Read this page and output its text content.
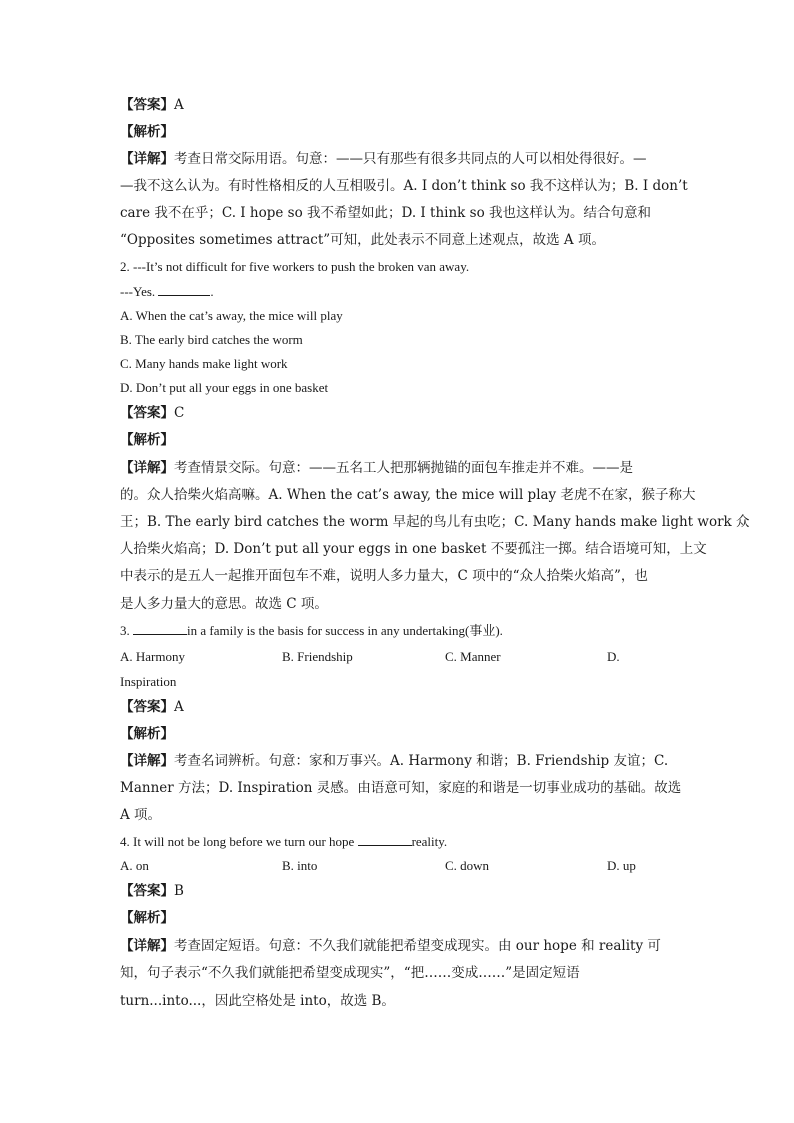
【答案】A
【解析】
【详解】考查日常交际用语。句意：——只有那些有很多共同点的人可以相处得很好。—
—我不这么认为。有时性格相反的人互相吸引。A. I don’t think so 我不这样认为；B. I don’t
care 我不在乎；C. I hope so 我不希望如此；D. I think so 我也这样认为。结合句意和
“Opposites sometimes attract”可知，此处表示不同意上述观点，故选 A 项。
2. ---It’s not difficult for five workers to push the broken van away.
---Yes.	.
A. When the cat’s away, the mice will play
B. The early bird catches the worm
C. Many hands make light work
D. Don’t put all your eggs in one basket
【答案】C
【解析】
【详解】考查情景交际。句意：——五名工人把那辆抛锚的面包车推走并不难。——是
的。众人拾柴火焰高嘛。A. When the cat’s away, the mice will play 老虎不在家，猴子称大
王；B. The early bird catches the worm 早起的鸟儿有虫吃；C. Many hands make light work 众
人拾柴火焰高；D. Don’t put all your eggs in one basket 不要孤注一掷。结合语境可知，上文
中表示的是五人一起推开面包车不难，说明人多力量大，C 项中的“众人拾柴火焰高”，也
是人多力量大的意思。故选 C 项。
3.	in a family is the basis for success in any undertaking(事业).
A. Harmony	B. Friendship	C. Manner	D.
Inspiration
【答案】A
【解析】
【详解】考查名词辨析。句意：家和万事兴。A. Harmony 和谐；B. Friendship 友谊；C.
Manner 方法；D. Inspiration 灵感。由语意可知，家庭的和谐是一切事业成功的基础。故选
A 项。
4. It will not be long before we turn our hope	reality.
A. on	B. into	C. down	D. up
【答案】B
【解析】
【详解】考查固定短语。句意：不久我们就能把希望变成现实。由 our hope 和 reality 可
知，句子表示“不久我们就能把希望变成现实”，“把……变成……”是固定短语
turn...into...，因此空格处是 into，故选 B。
